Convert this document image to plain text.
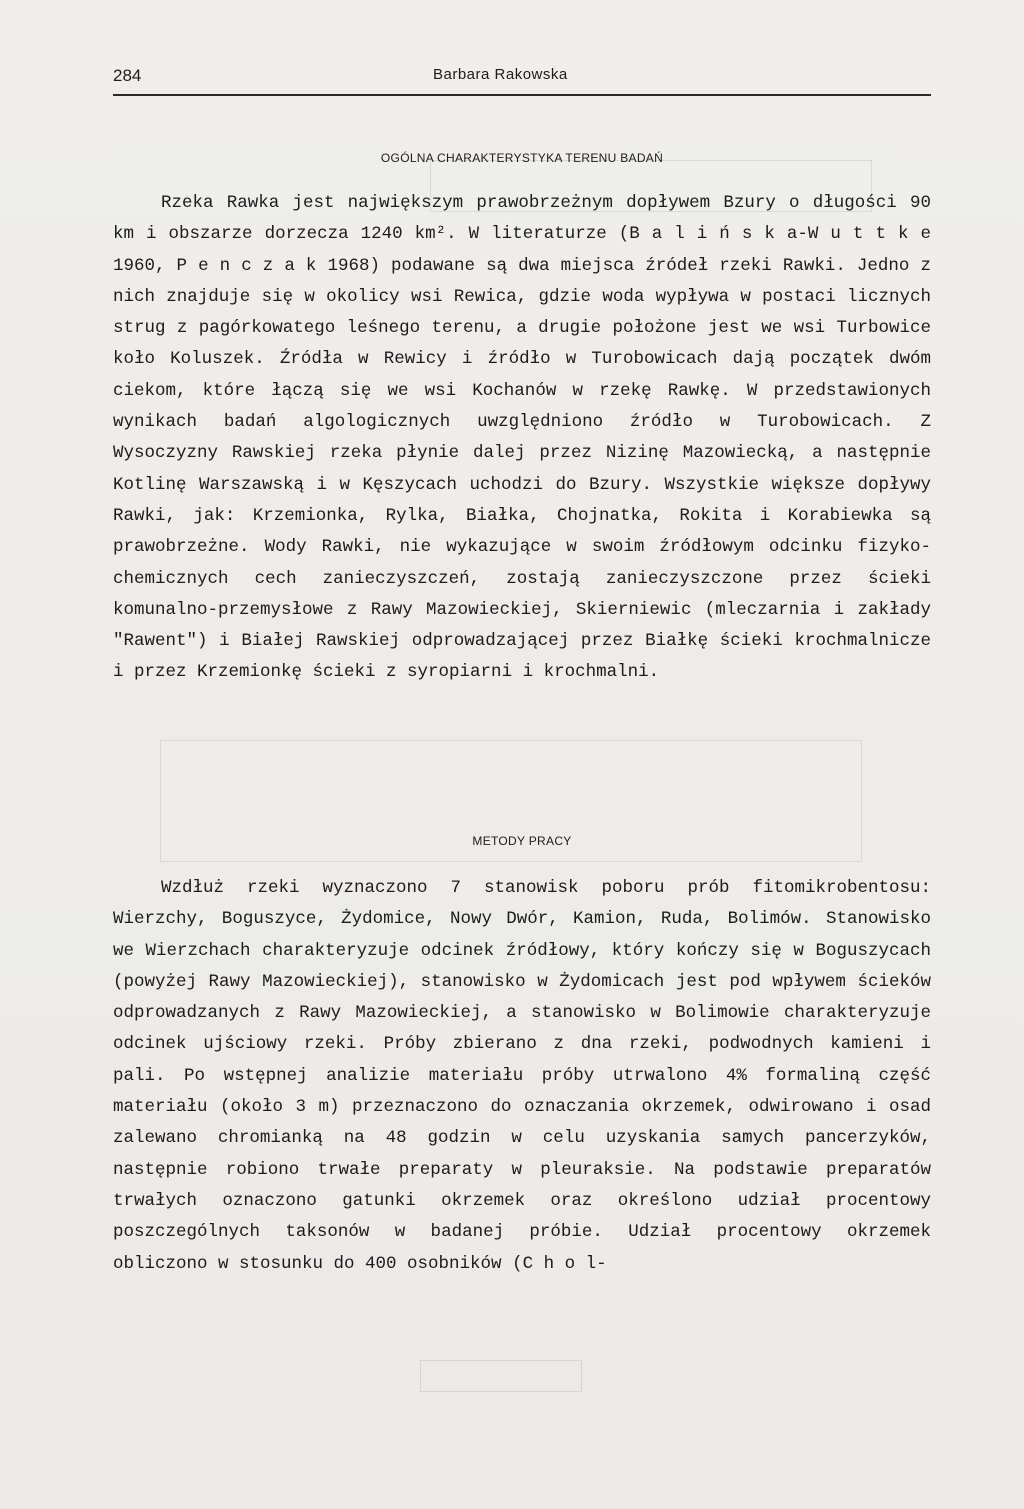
284	Barbara Rakowska
OGÓLNA CHARAKTERYSTYKA TERENU BADAŃ
Rzeka Rawka jest największym prawobrzeżnym dopływem Bzury o długości 90 km i obszarze dorzecza 1240 km². W literaturze (B a l i ń s k a-W u t t k e 1960, P e n c z a k 1968) podawane są dwa miejsca źródeł rzeki Rawki. Jedno z nich znajduje się w okolicy wsi Rewica, gdzie woda wypływa w postaci licznych strug z pagórkowatego leśnego terenu, a drugie położone jest we wsi Turbowice koło Koluszek. Źródła w Rewicy i źródło w Turobowicach dają początek dwóm ciekom, które łączą się we wsi Kochanów w rzekę Rawkę. W przedstawionych wynikach badań algologicznych uwzględniono źródło w Turobowicach. Z Wysoczyzny Rawskiej rzeka płynie dalej przez Nizinę Mazowiecką, a następnie Kotlinę Warszawską i w Kęszycach uchodzi do Bzury. Wszystkie większe dopływy Rawki, jak: Krzemionka, Rylka, Białka, Chojnatka, Rokita i Korabiewka są prawobrzeżne. Wody Rawki, nie wykazujące w swoim źródłowym odcinku fizyko-chemicznych cech zanieczyszczeń, zostają zanieczyszczone przez ścieki komunalno-przemysłowe z Rawy Mazowieckiej, Skierniewic (mleczarnia i zakłady "Rawent") i Białej Rawskiej odprowadzającej przez Białkę ścieki krochmalnicze i przez Krzemionkę ścieki z syropiarni i krochmalni.
METODY PRACY
Wzdłuż rzeki wyznaczono 7 stanowisk poboru prób fitomikrobentosu: Wierzchy, Boguszyce, Żydomice, Nowy Dwór, Kamion, Ruda, Bolimów. Stanowisko we Wierzchach charakteryzuje odcinek źródłowy, który kończy się w Boguszycach (powyżej Rawy Mazowieckiej), stanowisko w Żydomicach jest pod wpływem ścieków odprowadzanych z Rawy Mazowieckiej, a stanowisko w Bolimowie charakteryzuje odcinek ujściowy rzeki. Próby zbierano z dna rzeki, podwodnych kamieni i pali. Po wstępnej analizie materiału próby utrwalono 4% formaliną część materiału (około 3 m) przeznaczono do oznaczania okrzemek, odwirowano i osad zalewano chromianką na 48 godzin w celu uzyskania samych pancerzyków, następnie robiono trwałe preparaty w pleuraksie. Na podstawie preparatów trwałych oznaczono gatunki okrzemek oraz określono udział procentowy poszczególnych taksonów w badanej próbie. Udział procentowy okrzemek obliczono w stosunku do 400 osobników (C h o l-
